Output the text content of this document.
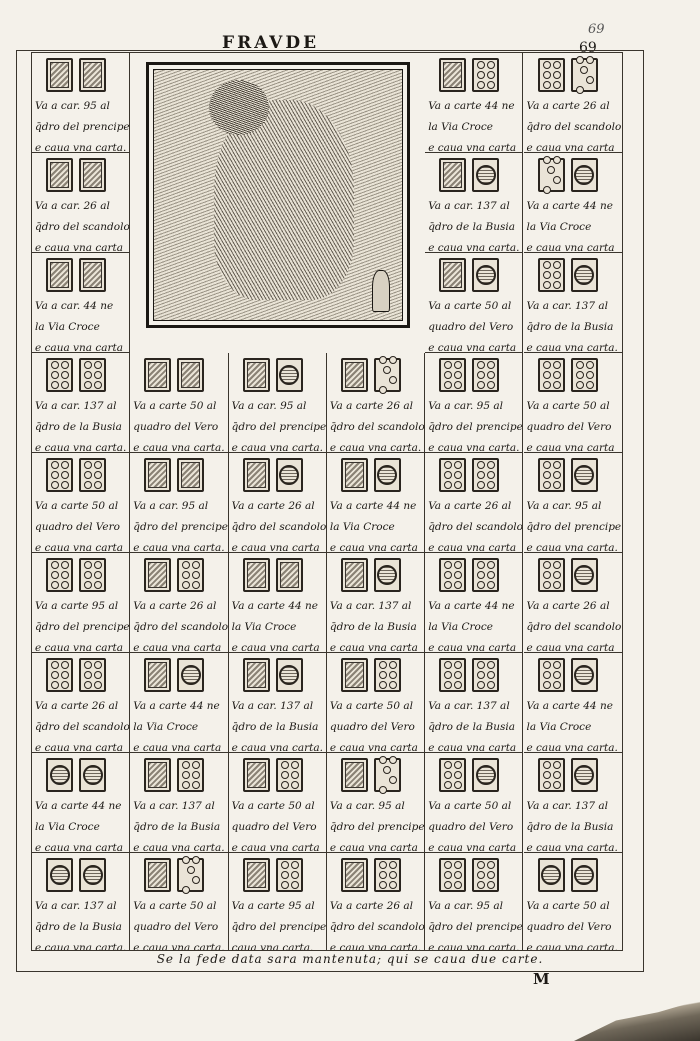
69
69
FRAVDE
Va a car. 95 al
q̄dro del prencipe
e caua vna carta.
Va a car. 26 al
q̄dro del scandolo
e caua vna carta
Va a car. 44 ne
la Via Croce
e caua vna carta
Va a carte 44 ne
la Via Croce
e caua vna carta
Va a carte 26 al
q̄dro del scandolo
e caua vna carta
Va a car. 137 al
q̄dro de la Busia
e caua vna carta.
Va a carte 44 ne
la Via Croce
e caua vna carta
Va a carte 50 al
quadro del Vero
e caua vna carta
Va a car. 137 al
q̄dro de la Busia
e caua vna carta.
Va a car. 137 al
q̄dro de la Busia
e caua vna carta.
Va a carte 50 al
quadro del Vero
e caua vna carta.
Va a car. 95 al
q̄dro del prencipe
e caua vna carta.
Va a carte 26 al
q̄dro del scandolo
e caua vna carta.
Va a car. 95 al
q̄dro del prencipe
e caua vna carta.
Va a carte 50 al
quadro del Vero
e caua vna carta
Va a carte 50 al
quadro del Vero
e caua vna carta
Va a car. 95 al
q̄dro del prencipe
e caua vna carta.
Va a carte 26 al
q̄dro del scandolo
e caua vna carta
Va a carte 44 ne
la Via Croce
e caua vna carta
Va a carte 26 al
q̄dro del scandolo
e caua vna carta
Va a car. 95 al
q̄dro del prencipe
e caua vna carta.
Va a carte 95 al
q̄dro del prencipe
e caua vna carta
Va a carte 26 al
q̄dro del scandolo
e caua vna carta
Va a carte 44 ne
la Via Croce
e caua vna carta
Va a car. 137 al
q̄dro de la Busia
e caua vna carta
Va a carte 44 ne
la Via Croce
e caua vna carta
Va a carte 26 al
q̄dro del scandolo
e caua vna carta
Va a carte 26 al
q̄dro del scandolo
e caua vna carta
Va a carte 44 ne
la Via Croce
e caua vna carta
Va a car. 137 al
q̄dro de la Busia
e caua vna carta.
Va a carte 50 al
quadro del Vero
e caua vna carta
Va a car. 137 al
q̄dro de la Busia
e caua vna carta
Va a carte 44 ne
la Via Croce
e caua vna carta.
Va a carte 44 ne
la Via Croce
e caua vna carta
Va a car. 137 al
q̄dro de la Busia
e caua vna carta.
Va a carte 50 al
quadro del Vero
e caua vna carta
Va a car. 95 al
q̄dro del prencipe
e caua vna carta
Va a carte 50 al
quadro del Vero
e caua vna carta
Va a car. 137 al
q̄dro de la Busia
e caua vna carta.
Va a car. 137 al
q̄dro de la Busia
e caua vna carta.
Va a carte 50 al
quadro del Vero
e caua vna carta.
Va a carte 95 al
q̄dro del prencipe
caua vna carta.
Va a carte 26 al
q̄dro del scandolo
e caua vna carta.
Va a car. 95 al
q̄dro del prencipe
e caua vna carta.
Va a carte 50 al
quadro del Vero
e caua vna carta.
Se la fede data sara mantenuta; qui se caua due carte.
M
